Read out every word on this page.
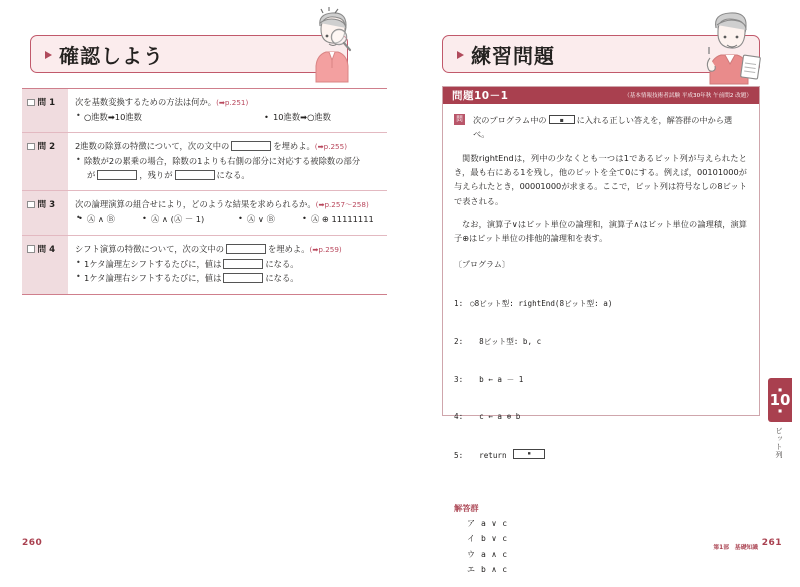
確認しよう
問 1	次を基数変換するための方法は何か。(➡p.251)

• ○進数➡10進数	• 10進数➡○進数

問 2	2進数の除算の特徴について，次の文中の	を埋めよ。(➡p.255)

• 除数が2の累乗の場合，除数の1よりも右側の部分に対応する被除数の部分
が	，残りが	になる。

問 3	次の論理演算の組合せにより，どのような結果を求められるか。(➡p.257〜258)

• • Ⓐ ∧ Ⓑ	• Ⓐ ∧ (Ⓐ － 1)	• Ⓐ ∨ Ⓑ	• Ⓐ ⊕ 11111111

問 4	シフト演算の特徴について，次の文中の	を埋めよ。(➡p.259)

• 1ケタ論理左シフトするたびに，値は	になる。
• 1ケタ論理右シフトするたびに，値は	になる。
260
練習問題
問題10－1	（基本情報技術者試験 平成30年秋 午前問2 改題）
問 次のプログラム中の ■	に入れる正しい答えを，解答群の中から選べ。

関数rightEndは，列中の少なくとも一つは1であるビット列が与えられたとき，最も右にある1を残し，他のビットを全て0にする。例えば，00101000が与えられたとき，00001000が求まる。ここで，ビット列は符号なしの8ビットで表される。

なお，演算子∨はビット単位の論理和，演算子∧はビット単位の論理積，演算子⊕はビット単位の排他的論理和を表す。

〔プログラム〕

1: ○8ビット型: rightEnd(8ビット型: a)

2:  8ビット型: b, c

3:  b ← a － 1

4:  c ← a ⊕ b

5:  return  ■

解答群
ア a ∨ c
イ b ∨ c
ウ a ∧ c
エ b ∧ c
■
10
■
ビット列
261
第1部　基礎知識
